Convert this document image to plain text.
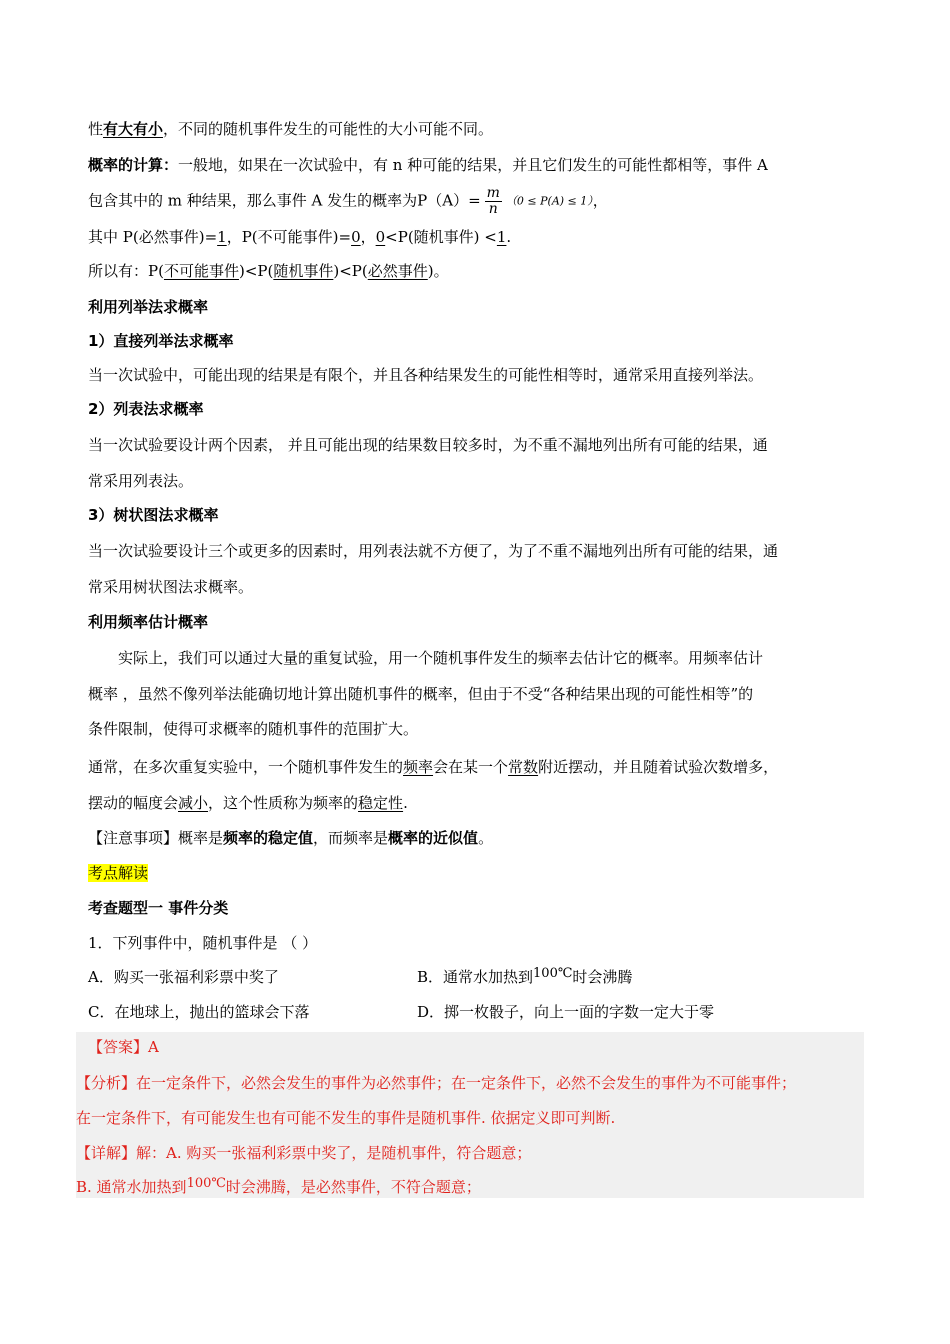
性有大有小，不同的随机事件发生的可能性的大小可能不同。
概率的计算：一般地，如果在一次试验中，有 n 种可能的结果，并且它们发生的可能性都相等，事件 A
包含其中的 m 种结果，那么事件 A 发生的概率为$P(A)= \frac{m}{n} (0 \le P(A) \le 1)$，
其中 P(必然事件)=1，P(不可能事件)=0，0<P(随机事件) <1.
所以有：P(不可能事件)<P(随机事件)<P(必然事件)。
利用列举法求概率
1）直接列举法求概率
当一次试验中，可能出现的结果是有限个，并且各种结果发生的可能性相等时，通常采用直接列举法。
2）列表法求概率
当一次试验要设计两个因素， 并且可能出现的结果数目较多时，为不重不漏地列出所有可能的结果，通
常采用列表法。
3）树状图法求概率
当一次试验要设计三个或更多的因素时，用列表法就不方便了，为了不重不漏地列出所有可能的结果，通
常采用树状图法求概率。
利用频率估计概率
实际上，我们可以通过大量的重复试验，用一个随机事件发生的频率去估计它的概率。用频率估计
概率 ，虽然不像列举法能确切地计算出随机事件的概率，但由于不受“各种结果出现的可能性相等”的
条件限制，使得可求概率的随机事件的范围扩大。
通常，在多次重复实验中，一个随机事件发生的频率会在某一个常数附近摆动，并且随着试验次数增多，
摆动的幅度会减小，这个性质称为频率的稳定性.
【注意事项】概率是频率的稳定值，而频率是概率的近似值。
考点解读
考查题型一 事件分类
1．下列事件中，随机事件是 （ ）
A．购买一张福利彩票中奖了	B．通常水加热到100℃时会沸腾
C．在地球上，抛出的篮球会下落	D．掷一枚骰子，向上一面的字数一定大于零
【答案】A
【分析】在一定条件下，必然会发生的事件为必然事件；在一定条件下，必然不会发生的事件为不可能事件；
在一定条件下，有可能发生也有可能不发生的事件是随机事件. 依据定义即可判断.
【详解】解：A. 购买一张福利彩票中奖了，是随机事件，符合题意；
B. 通常水加热到100℃时会沸腾，是必然事件，不符合题意；
